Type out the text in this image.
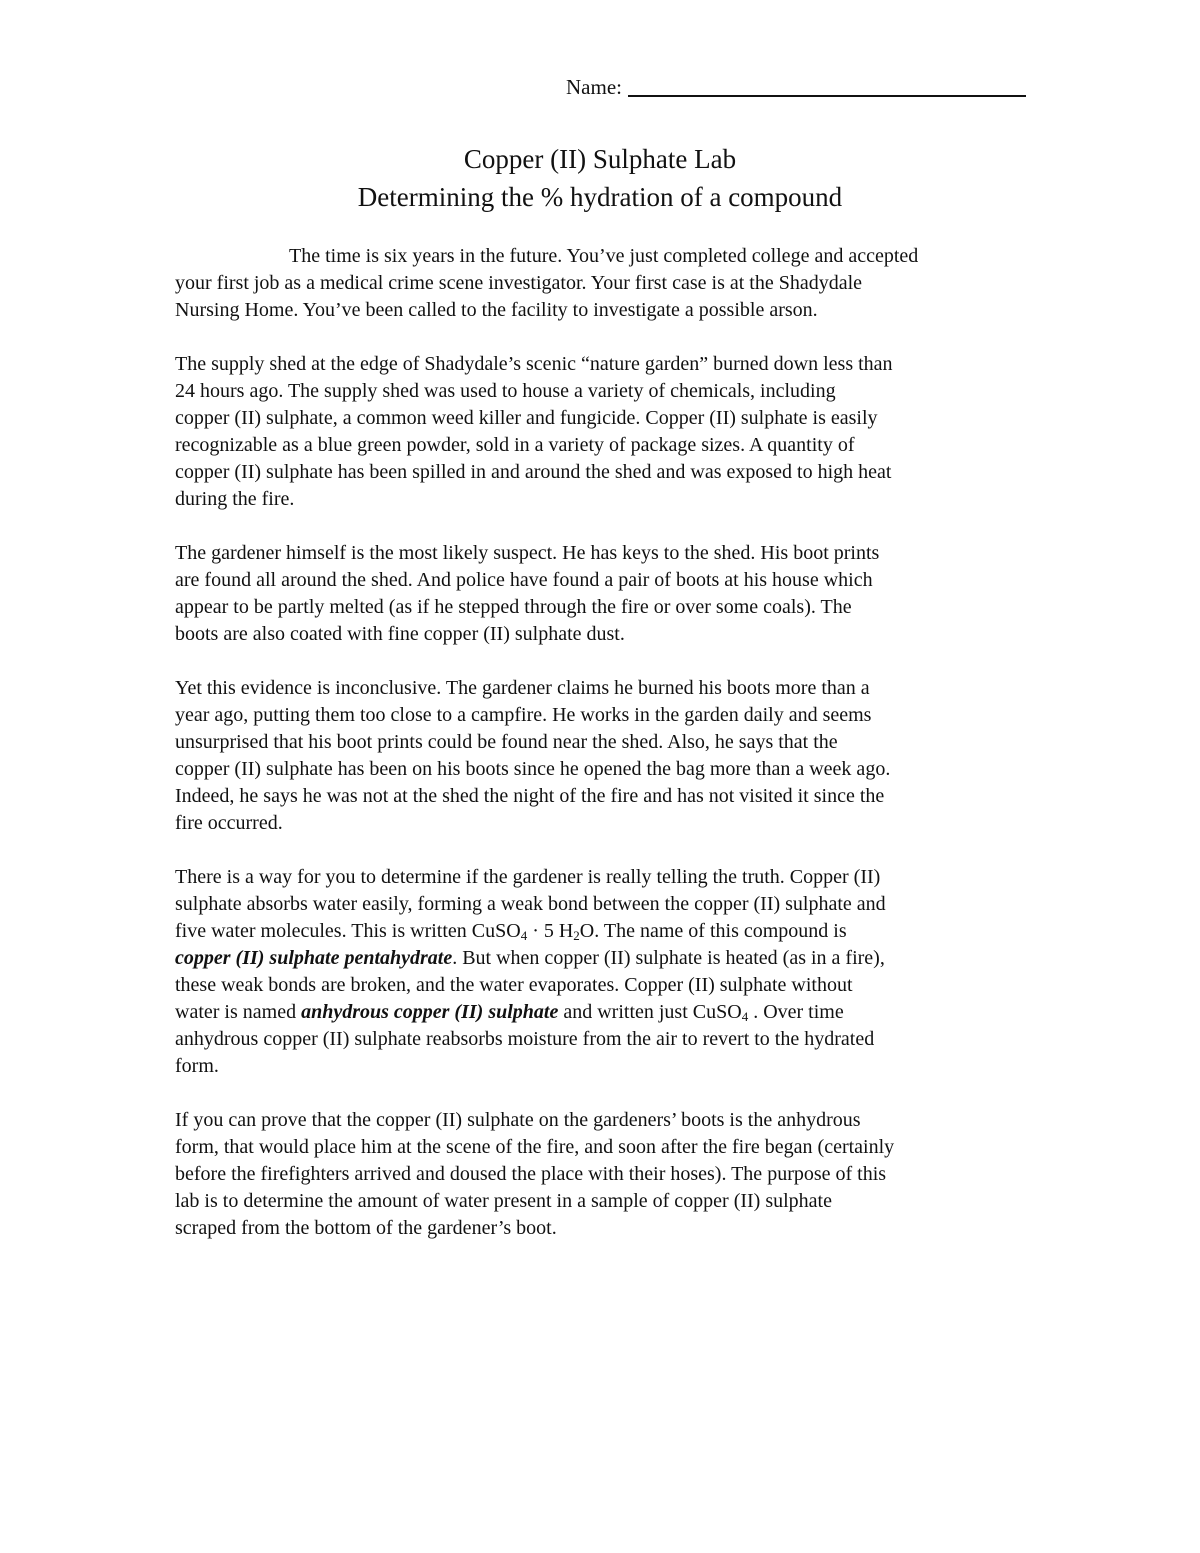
Name:
Copper (II) Sulphate Lab
Determining the % hydration of a compound
The time is six years in the future. You’ve just completed college and accepted
your first job as a medical crime scene investigator. Your first case is at the Shadydale
Nursing Home. You’ve been called to the facility to investigate a possible arson.
The supply shed at the edge of Shadydale’s scenic “nature garden” burned down less than
24 hours ago. The supply shed was used to house a variety of chemicals, including
copper (II) sulphate, a common weed killer and fungicide. Copper (II) sulphate is easily
recognizable as a blue green powder, sold in a variety of package sizes. A quantity of
copper (II) sulphate has been spilled in and around the shed and was exposed to high heat
during the fire.
The gardener himself is the most likely suspect. He has keys to the shed. His boot prints
are found all around the shed. And police have found a pair of boots at his house which
appear to be partly melted (as if he stepped through the fire or over some coals). The
boots are also coated with fine copper (II) sulphate dust.
Yet this evidence is inconclusive. The gardener claims he burned his boots more than a
year ago, putting them too close to a campfire. He works in the garden daily and seems
unsurprised that his boot prints could be found near the shed. Also, he says that the
copper (II) sulphate has been on his boots since he opened the bag more than a week ago.
Indeed, he says he was not at the shed the night of the fire and has not visited it since the
fire occurred.
There is a way for you to determine if the gardener is really telling the truth. Copper (II)
sulphate absorbs water easily, forming a weak bond between the copper (II) sulphate and
five water molecules. This is written CuSO$_4$ · 5 $H_2O$. The name of this compound is
copper (II) sulphate pentahydrate. But when copper (II) sulphate is heated (as in a fire),
these weak bonds are broken, and the water evaporates. Copper (II) sulphate without
water is named anhydrous copper (II) sulphate and written just CuSO$_4$ . Over time
anhydrous copper (II) sulphate reabsorbs moisture from the air to revert to the hydrated
form.
If you can prove that the copper (II) sulphate on the gardeners’ boots is the anhydrous
form, that would place him at the scene of the fire, and soon after the fire began (certainly
before the firefighters arrived and doused the place with their hoses). The purpose of this
lab is to determine the amount of water present in a sample of copper (II) sulphate
scraped from the bottom of the gardener’s boot.
